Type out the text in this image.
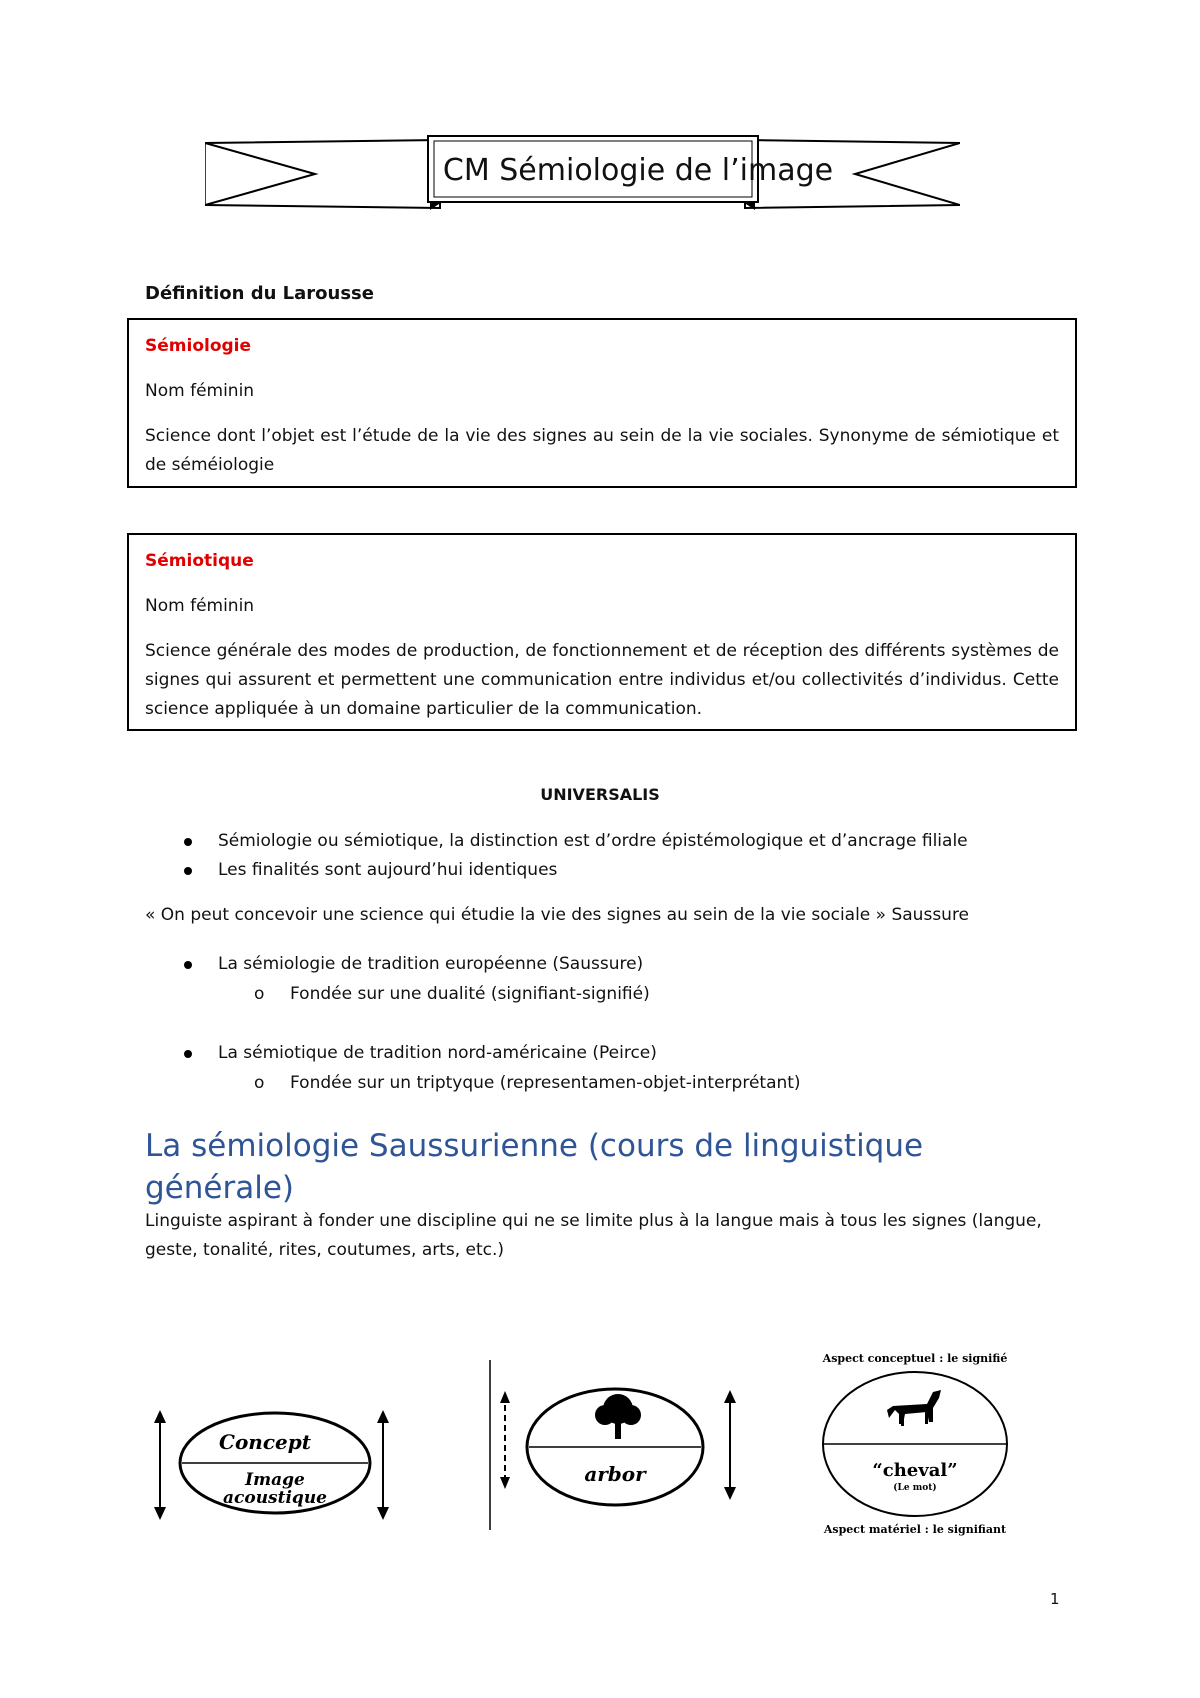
CM Sémiologie de l’image
Définition du Larousse
Sémiologie
Nom féminin
Science dont l’objet est l’étude de la vie des signes au sein de la vie sociales. Synonyme de sémiotique et de séméiologie
Sémiotique
Nom féminin
Science générale des modes de production, de fonctionnement et de réception des différents systèmes de signes qui assurent et permettent une communication entre individus et/ou collectivités d’individus. Cette science appliquée à un domaine particulier de la communication.
UNIVERSALIS
Sémiologie ou sémiotique, la distinction est d’ordre épistémologique et d’ancrage filiale
Les finalités sont aujourd’hui identiques
« On peut concevoir une science qui étudie la vie des signes au sein de la vie sociale » Saussure
La sémiologie de tradition européenne (Saussure)
o Fondée sur une dualité (signifiant-signifié)
La sémiotique de tradition nord-américaine (Peirce)
o Fondée sur un triptyque (representamen-objet-interprétant)
La sémiologie Saussurienne (cours de linguistique générale)
Linguiste aspirant à fonder une discipline qui ne se limite plus à la langue mais à tous les signes (langue, geste, tonalité, rites, coutumes, arts, etc.)
Concept
Image
acoustique
arbor
Aspect conceptuel : le signifié
“cheval”
(Le mot)
Aspect matériel : le signifiant
1
